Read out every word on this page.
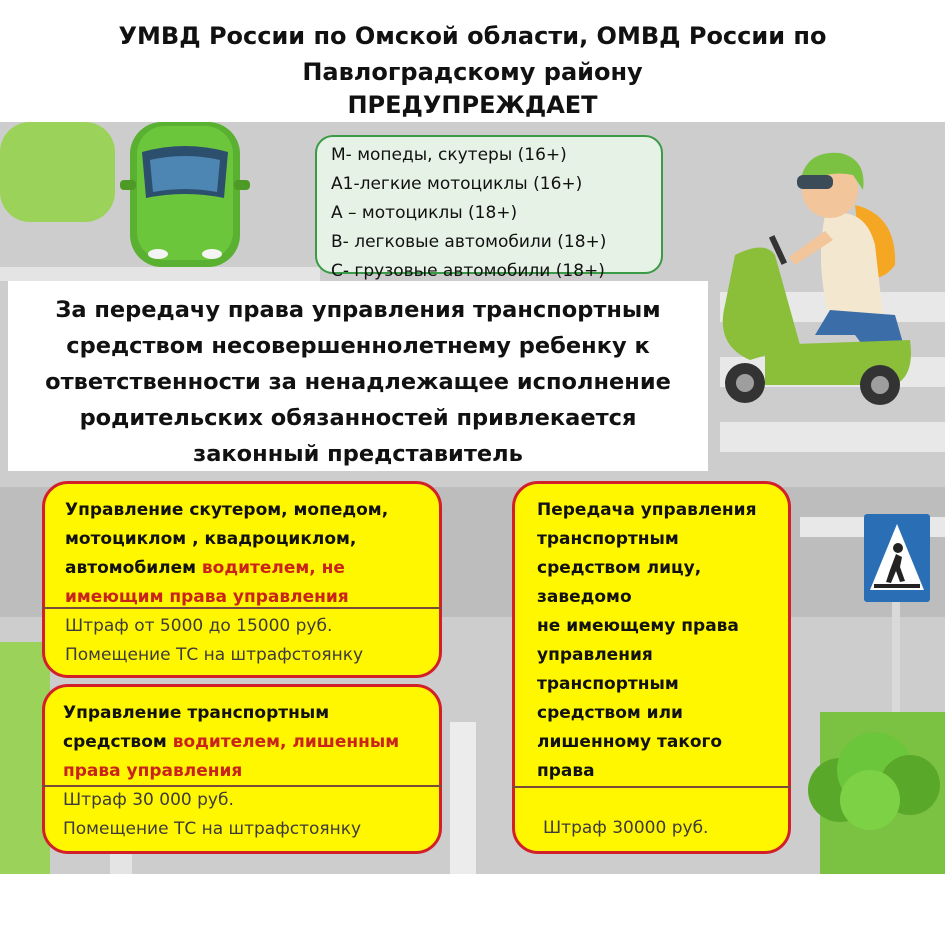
УМВД России по Омской области, ОМВД России по
Павлоградскому району
ПРЕДУПРЕЖДАЕТ
М- мопеды, скутеры (16+)
А1-легкие мотоциклы (16+)
А – мотоциклы (18+)
В- легковые автомобили (18+)
С- грузовые автомобили (18+)
За передачу права управления транспортным
средством несовершеннолетнему ребенку к
ответственности за ненадлежащее исполнение
родительских обязанностей привлекается
законный представитель
Управление скутером, мопедом,
мотоциклом , квадроциклом,
автомобилем водителем, не
имеющим права управления
Штраф от 5000 до 15000 руб.
Помещение ТС на штрафстоянку
Управление транспортным
средством водителем, лишенным
права управления
Штраф 30 000 руб.
Помещение ТС на штрафстоянку
Передача управления
транспортным
средством лицу,
заведомо
не имеющему права
управления
транспортным
средством или
лишенному такого
права
Штраф 30000 руб.
